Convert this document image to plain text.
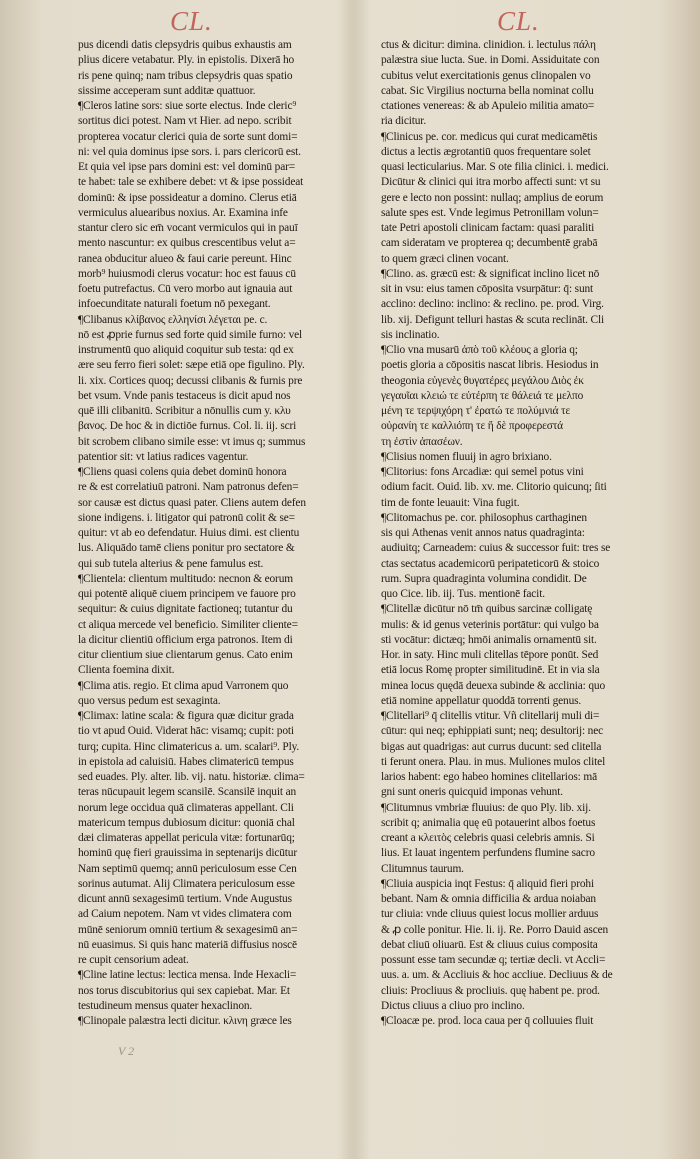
CL.	CL.
pus dicendi datis clepsydris quibus exhaustis am
plius dicere vetabatur. Ply. in epistolis. Dixerā ho
ris pene quinq; nam tribus clepsydris quas spatio
sissime acceperam sunt additæ quattuor.
¶Cleros latine sors: siue sorte electus. Inde cleric⁹
sortitus dici potest. Nam vt Hier. ad nepo. scribit
propterea vocatur clerici quia de sorte sunt domi=
ni: vel quia dominus ipse sors. i. pars clericorū est.
Et quia vel ipse pars domini est: vel dominū par=
te habet: tale se exhibere debet: vt & ipse possideat
dominū: & ipse possideatur a domino. Clerus etiā
vermiculus aluearibus noxius. Ar. Examina infe
stantur clero sic em̄ vocant vermiculos qui in pauī
mento nascuntur: ex quibus crescentibus velut a=
ranea obducitur alueo & faui carie pereunt. Hinc
morb⁹ huiusmodi clerus vocatur: hoc est fauus cū
foetu putrefactus. Cū vero morbo aut ignauia aut
infoecunditate naturali foetum nō pexegant.
¶Clibanus κλίβανος ελληνίσι λέγεται pe. c.
nō est ꝓprie furnus sed forte quid simile furno: vel
instrumentū quo aliquid coquitur sub testa: qd ex
ære seu ferro fieri solet: sæpe etiā ope figulino. Ply.
li. xix. Cortices quoq; decussi clibanis & furnis pre
bet vsum. Vnde panis testaceus is dicit apud nos
quē illi clibanitū. Scribitur a nōnullis cum y. κλυ
βανος. De hoc & in dictiōe furnus. Col. li. iij. scri
bit scrobem clibano simile esse: vt imus q; summus
patentior sit: vt latius radices vagentur.
¶Cliens quasi colens quia debet dominū honora
re & est correlatiuū patroni. Nam patronus defen=
sor causæ est dictus quasi pater. Cliens autem defen
sione indigens. i. litigator qui patronū colit & se=
quitur: vt ab eo defendatur. Huius dimi. est clientu
lus. Aliquādo tamē cliens ponitur pro sectatore &
qui sub tutela alterius & pene famulus est.
¶Clientela: clientum multitudo: necnon & eorum
qui potentē aliquē ciuem principem ve fauore pro
sequitur: & cuius dignitate factioneq; tutantur du
ct aliqua mercede vel beneficio. Similiter cliente=
la dicitur clientiū officium erga patronos. Item di
citur clientium siue clientarum genus. Cato enim
Clienta foemina dixit.
¶Clima atis. regio. Et clima apud Varronem quo
quo versus pedum est sexaginta.
¶Climax: latine scala: & figura quæ dicitur grada
tio vt apud Ouid. Viderat hāc: visamq; cupit: poti
turq; cupita. Hinc climatericus a. um. scalari⁹. Ply.
in epistola ad caluisiū. Habes climatericū tempus
sed euades. Ply. alter. lib. vij. natu. historiæ. clima=
teras nūcupauit legem scansilē. Scansilē inquit an
norum lege occidua quā climateras appellant. Cli
matericum tempus dubiosum dicitur: quoniā chal
dæi climateras appellat pericula vitæ: fortunarūq;
hominū quę fieri grauissima in septenarijs dicūtur
Nam septimū quemq; annū periculosum esse Cen
sorinus autumat. Alij Climatera periculosum esse
dicunt annū sexagesimū tertium. Vnde Augustus
ad Caium nepotem. Nam vt vides climatera com
mūnē seniorum omniū tertium & sexagesimū an=
nū euasimus. Si quis hanc materiā diffusius noscē
re cupit censorium adeat.
¶Cline latine lectus: lectica mensa. Inde Hexacli=
nos torus discubitorius qui sex capiebat. Mar. Et
testudineum mensus quater hexaclinon.
¶Clinopale palæstra lecti dicitur. κλινη græce les
ctus & dicitur: dimina. clinidion. i. lectulus πάλη
palæstra siue lucta. Sue. in Domi. Assiduitate con
cubitus velut exercitationis genus clinopalen vo
cabat. Sic Virgilius nocturna bella nominat collu
ctationes venereas: & ab Apuleio militia amato=
ria dicitur.
¶Clinicus pe. cor. medicus qui curat medicamētis
dictus a lectis ægrotantiū quos frequentare solet
quasi lecticularius. Mar. S ote filia clinici. i. medici.
Dicūtur & clinici qui itra morbo affecti sunt: vt su
gere e lecto non possint: nullaq; amplius de eorum
salute spes est. Vnde legimus Petronillam volun=
tate Petri apostoli clinicam factam: quasi paraliti
cam sideratam ve propterea q; decumbentē grabā
to quem græci clinen vocant.
¶Clino. as. græcū est: & significat inclino licet nō
sit in vsu: eius tamen cōposita vsurpātur: q̄: sunt
acclino: declino: inclino: & reclino. pe. prod. Virg.
lib. xij. Defigunt telluri hastas & scuta reclināt. Cli
sis inclinatio.
¶Clio vna musarū ἀπὸ τοῦ κλέους a gloria q;
poetis gloria a cōpositis nascat libris. Hesiodus in
theogonia εὐγενὲς θυγατέρες μεγάλου Διὸς ἐκ
γεγαυῖαι κλειώ τε εὐτέρπη τε θάλειά τε μελπο
μένη τε τερψιχόρη τ' ἐρατώ τε πολύμνιά τε
οὐρανίη τε καλλιόπη τε ἥ δὲ προφερεστά
τη ἐστὶν ἁπασέων.
¶Clisius nomen fluuij in agro brixiano.
¶Clitorius: fons Arcadiæ: qui semel potus vini
odium facit. Ouid. lib. xv. me. Clitorio quicunq; ſiti
tim de fonte leuauit: Vina fugit.
¶Clitomachus pe. cor. philosophus carthaginen
sis qui Athenas venit annos natus quadraginta:
audiuitq; Carneadem: cuius & successor fuit: tres se
ctas sectatus academicorū peripateticorū & stoico
rum. Supra quadraginta volumina condidit. De
quo Cice. lib. iij. Tus. mentionē facit.
¶Clitellæ dicūtur nō tm̄ quibus sarcinæ colligatę
mulis: & id genus veterinis portātur: qui vulgo ba
sti vocātur: dictæq; hmōi animalis ornamentū sit.
Hor. in saty. Hinc muli clitellas tēpore ponūt. Sed
etiā locus Romę propter similitudinē. Et in via sla
minea locus quędā deuexa subinde & acclinia: quo
etiā nomine appellatur quoddā torrenti genus.
¶Clitellari⁹ q̄ clitellis vtitur. Vñ clitellarij muli di=
cūtur: qui neq; ephippiati sunt; neq; desultorij: nec
bigas aut quadrigas: aut currus ducunt: sed clitella
ti ferunt onera. Plau. in mus. Muliones mulos clitel
larios habent: ego habeo homines clitellarios: mā
gni sunt oneris quicquid imponas vehunt.
¶Clitumnus vmbriæ fluuius: de quo Ply. lib. xij.
scribit q; animalia quę eū potauerint albos foetus
creant a κλειτὸς celebris quasi celebris amnis. Si
lius. Et lauat ingentem perfundens flumine sacro
Clitumnus taurum.
¶Cliuia auspicia inqt Festus: q̄ aliquid fieri prohi
bebant. Nam & omnia difficilia & ardua noiaban
tur cliuia: vnde cliuus quiest locus mollier arduus
& ꝓ colle ponitur. Hie. li. ij. Re. Porro Dauid ascen
debat cliuū oliuarū. Est & cliuus cuius composita
possunt esse tam secundæ q; tertiæ decli. vt Accli=
uus. a. um. & Accliuis & hoc accliue. Decliuus & de
cliuis: Procliuus & procliuis. quę habent pe. prod.
Dictus cliuus a cliuo pro inclino.
¶Cloacæ pe. prod. loca caua per q̄ colluuies fluit
V 2
